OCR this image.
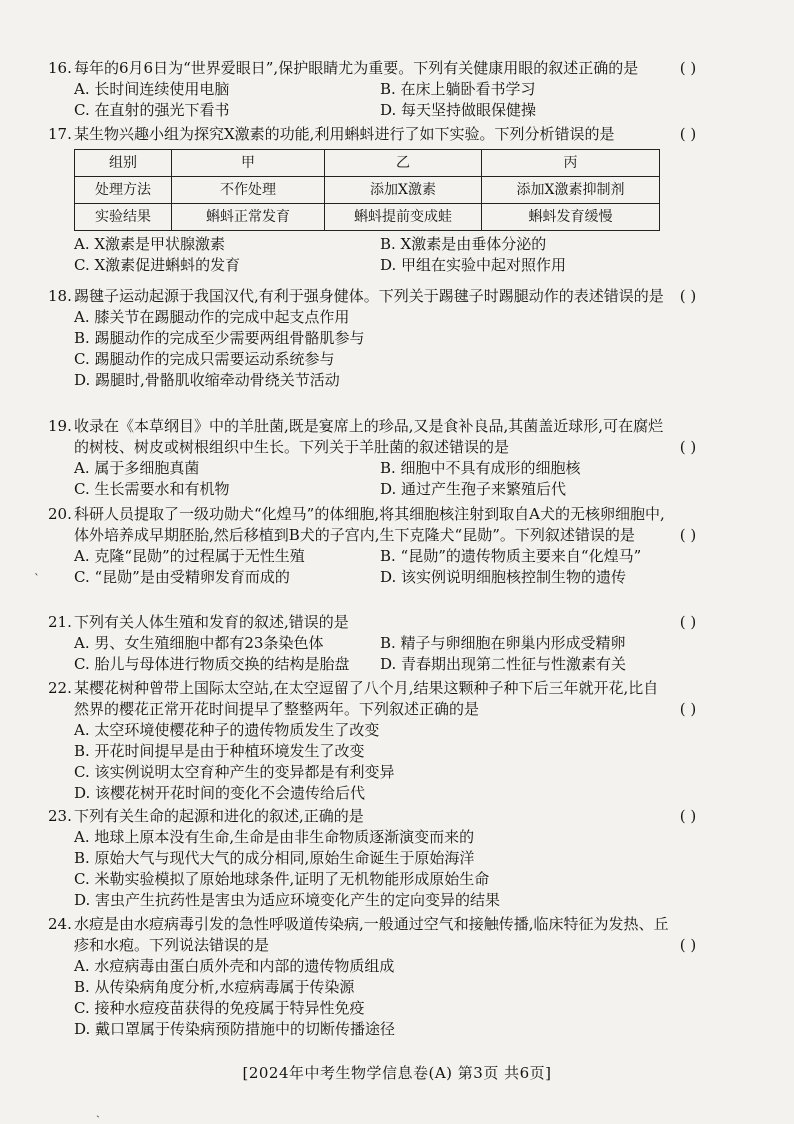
16. 每年的6月6日为“世界爱眼日”,保护眼睛尤为重要。下列有关健康用眼的叙述正确的是	( )
A. 长时间连续使用电脑	B. 在床上躺卧看书学习
C. 在直射的强光下看书	D. 每天坚持做眼保健操
17. 某生物兴趣小组为探究X激素的功能,利用蝌蚪进行了如下实验。下列分析错误的是	( )
组别	甲	乙	丙
处理方法	不作处理	添加X激素	添加X激素抑制剂
实验结果	蝌蚪正常发育	蝌蚪提前变成蛙	蝌蚪发育缓慢
A. X激素是甲状腺激素	B. X激素是由垂体分泌的
C. X激素促进蝌蚪的发育	D. 甲组在实验中起对照作用
18. 踢毽子运动起源于我国汉代,有利于强身健体。下列关于踢毽子时踢腿动作的表述错误的是	( )
A. 膝关节在踢腿动作的完成中起支点作用
B. 踢腿动作的完成至少需要两组骨骼肌参与
C. 踢腿动作的完成只需要运动系统参与
D. 踢腿时,骨骼肌收缩牵动骨绕关节活动
19. 收录在《本草纲目》中的羊肚菌,既是宴席上的珍品,又是食补良品,其菌盖近球形,可在腐烂的树枝、树皮或树根组织中生长。下列关于羊肚菌的叙述错误的是	( )
A. 属于多细胞真菌	B. 细胞中不具有成形的细胞核
C. 生长需要水和有机物	D. 通过产生孢子来繁殖后代
20. 科研人员提取了一级功勋犬“化煌马”的体细胞,将其细胞核注射到取自A犬的无核卵细胞中,体外培养成早期胚胎,然后移植到B犬的子宫内,生下克隆犬“昆勋”。下列叙述错误的是	( )
A. 克隆“昆勋”的过程属于无性生殖	B. “昆勋”的遗传物质主要来自“化煌马”
C. “昆勋”是由受精卵发育而成的	D. 该实例说明细胞核控制生物的遗传
21. 下列有关人体生殖和发育的叙述,错误的是	( )
A. 男、女生殖细胞中都有23条染色体	B. 精子与卵细胞在卵巢内形成受精卵
C. 胎儿与母体进行物质交换的结构是胎盘	D. 青春期出现第二性征与性激素有关
22. 某樱花树种曾带上国际太空站,在太空逗留了八个月,结果这颗种子种下后三年就开花,比自然界的樱花正常开花时间提早了整整两年。下列叙述正确的是	( )
A. 太空环境使樱花种子的遗传物质发生了改变
B. 开花时间提早是由于种植环境发生了改变
C. 该实例说明太空育种产生的变异都是有利变异
D. 该樱花树开花时间的变化不会遗传给后代
23. 下列有关生命的起源和进化的叙述,正确的是	( )
A. 地球上原本没有生命,生命是由非生命物质逐渐演变而来的
B. 原始大气与现代大气的成分相同,原始生命诞生于原始海洋
C. 米勒实验模拟了原始地球条件,证明了无机物能形成原始生命
D. 害虫产生抗药性是害虫为适应环境变化产生的定向变异的结果
24. 水痘是由水痘病毒引发的急性呼吸道传染病,一般通过空气和接触传播,临床特征为发热、丘疹和水疱。下列说法错误的是	( )
A. 水痘病毒由蛋白质外壳和内部的遗传物质组成
B. 从传染病角度分析,水痘病毒属于传染源
C. 接种水痘疫苗获得的免疫属于特异性免疫
D. 戴口罩属于传染病预防措施中的切断传播途径
[2024年中考生物学信息卷(A) 第3页 共6页]
ˋ
ˏ
